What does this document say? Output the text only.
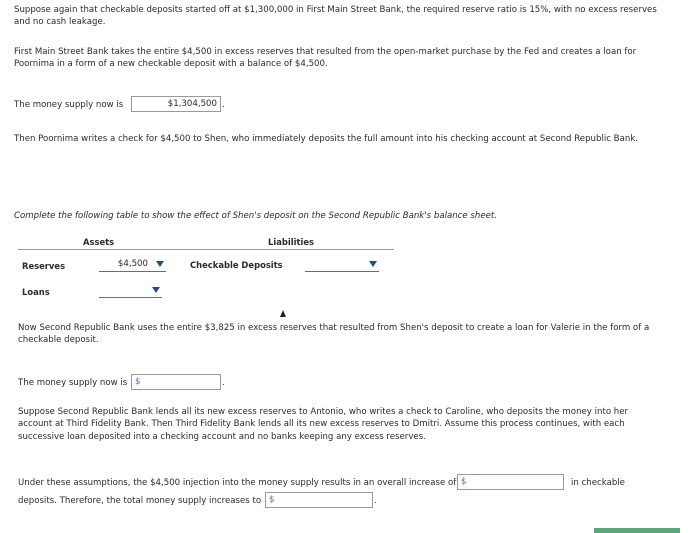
Suppose again that checkable deposits started off at $1,300,000 in First Main Street Bank, the required reserve ratio is 15%, with no excess reserves and no cash leakage.
First Main Street Bank takes the entire $4,500 in excess reserves that resulted from the open-market purchase by the Fed and creates a loan for Poornima in a form of a new checkable deposit with a balance of $4,500.
The money supply now is	$1,304,500 .
Then Poornima writes a check for $4,500 to Shen, who immediately deposits the full amount into his checking account at Second Republic Bank.
Complete the following table to show the effect of Shen's deposit on the Second Republic Bank's balance sheet.
Assets	Liabilities
Reserves	$4,500	Checkable Deposits
Loans
Now Second Republic Bank uses the entire $3,825 in excess reserves that resulted from Shen's deposit to create a loan for Valerie in the form of a checkable deposit.
The money supply now is $	.
Suppose Second Republic Bank lends all its new excess reserves to Antonio, who writes a check to Caroline, who deposits the money into her account at Third Fidelity Bank. Then Third Fidelity Bank lends all its new excess reserves to Dmitri. Assume this process continues, with each successive loan deposited into a checking account and no banks keeping any excess reserves.
Under these assumptions, the $4,500 injection into the money supply results in an overall increase of $	in checkable
deposits. Therefore, the total money supply increases to $	.
